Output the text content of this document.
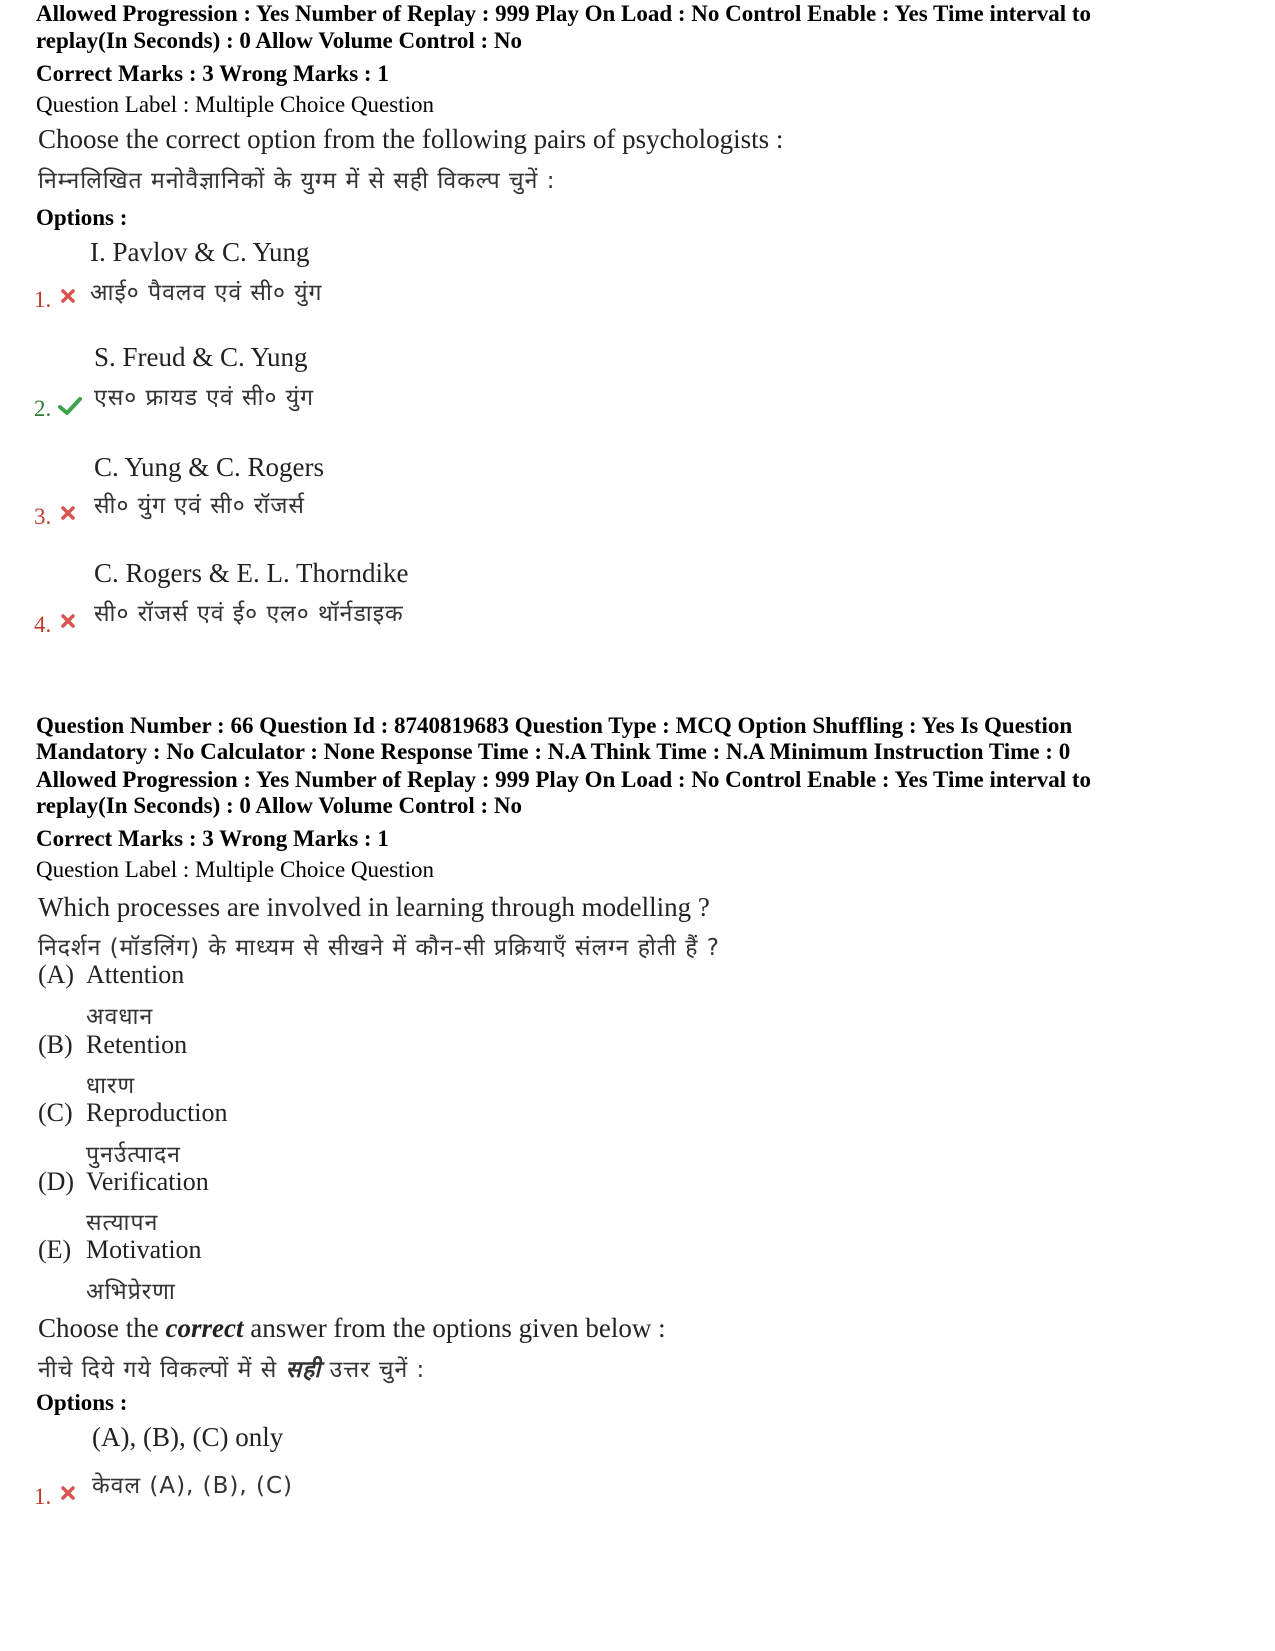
Allowed Progression : Yes Number of Replay : 999 Play On Load : No Control Enable : Yes Time interval to
replay(In Seconds) : 0 Allow Volume Control : No
Correct Marks : 3 Wrong Marks : 1
Question Label : Multiple Choice Question
Choose the correct option from the following pairs of psychologists :
निम्नलिखित मनोवैज्ञानिकों के युग्म में से सही विकल्प चुनें :
Options :
I. Pavlov & C. Yung
आई० पैवलव एवं सी० युंग
1.
S. Freud & C. Yung
एस० फ्रायड एवं सी० युंग
2.
C. Yung & C. Rogers
सी० युंग एवं सी० रॉजर्स
3.
C. Rogers & E. L. Thorndike
सी० रॉजर्स एवं ई० एल० थॉर्नडाइक
4.
Question Number : 66 Question Id : 8740819683 Question Type : MCQ Option Shuffling : Yes Is Question
Mandatory : No Calculator : None Response Time : N.A Think Time : N.A Minimum Instruction Time : 0
Allowed Progression : Yes Number of Replay : 999 Play On Load : No Control Enable : Yes Time interval to
replay(In Seconds) : 0 Allow Volume Control : No
Correct Marks : 3 Wrong Marks : 1
Question Label : Multiple Choice Question
Which processes are involved in learning through modelling ?
निदर्शन (मॉडलिंग) के माध्यम से सीखने में कौन-सी प्रक्रियाएँ संलग्न होती हैं ?
(A) Attention
अवधान
(B) Retention
धारण
(C) Reproduction
पुनर्उत्पादन
(D) Verification
सत्यापन
(E) Motivation
अभिप्रेरणा
Choose the correct answer from the options given below :
नीचे दिये गये विकल्पों में से सही उत्तर चुनें :
Options :
(A), (B), (C) only
केवल (A), (B), (C)
1.
